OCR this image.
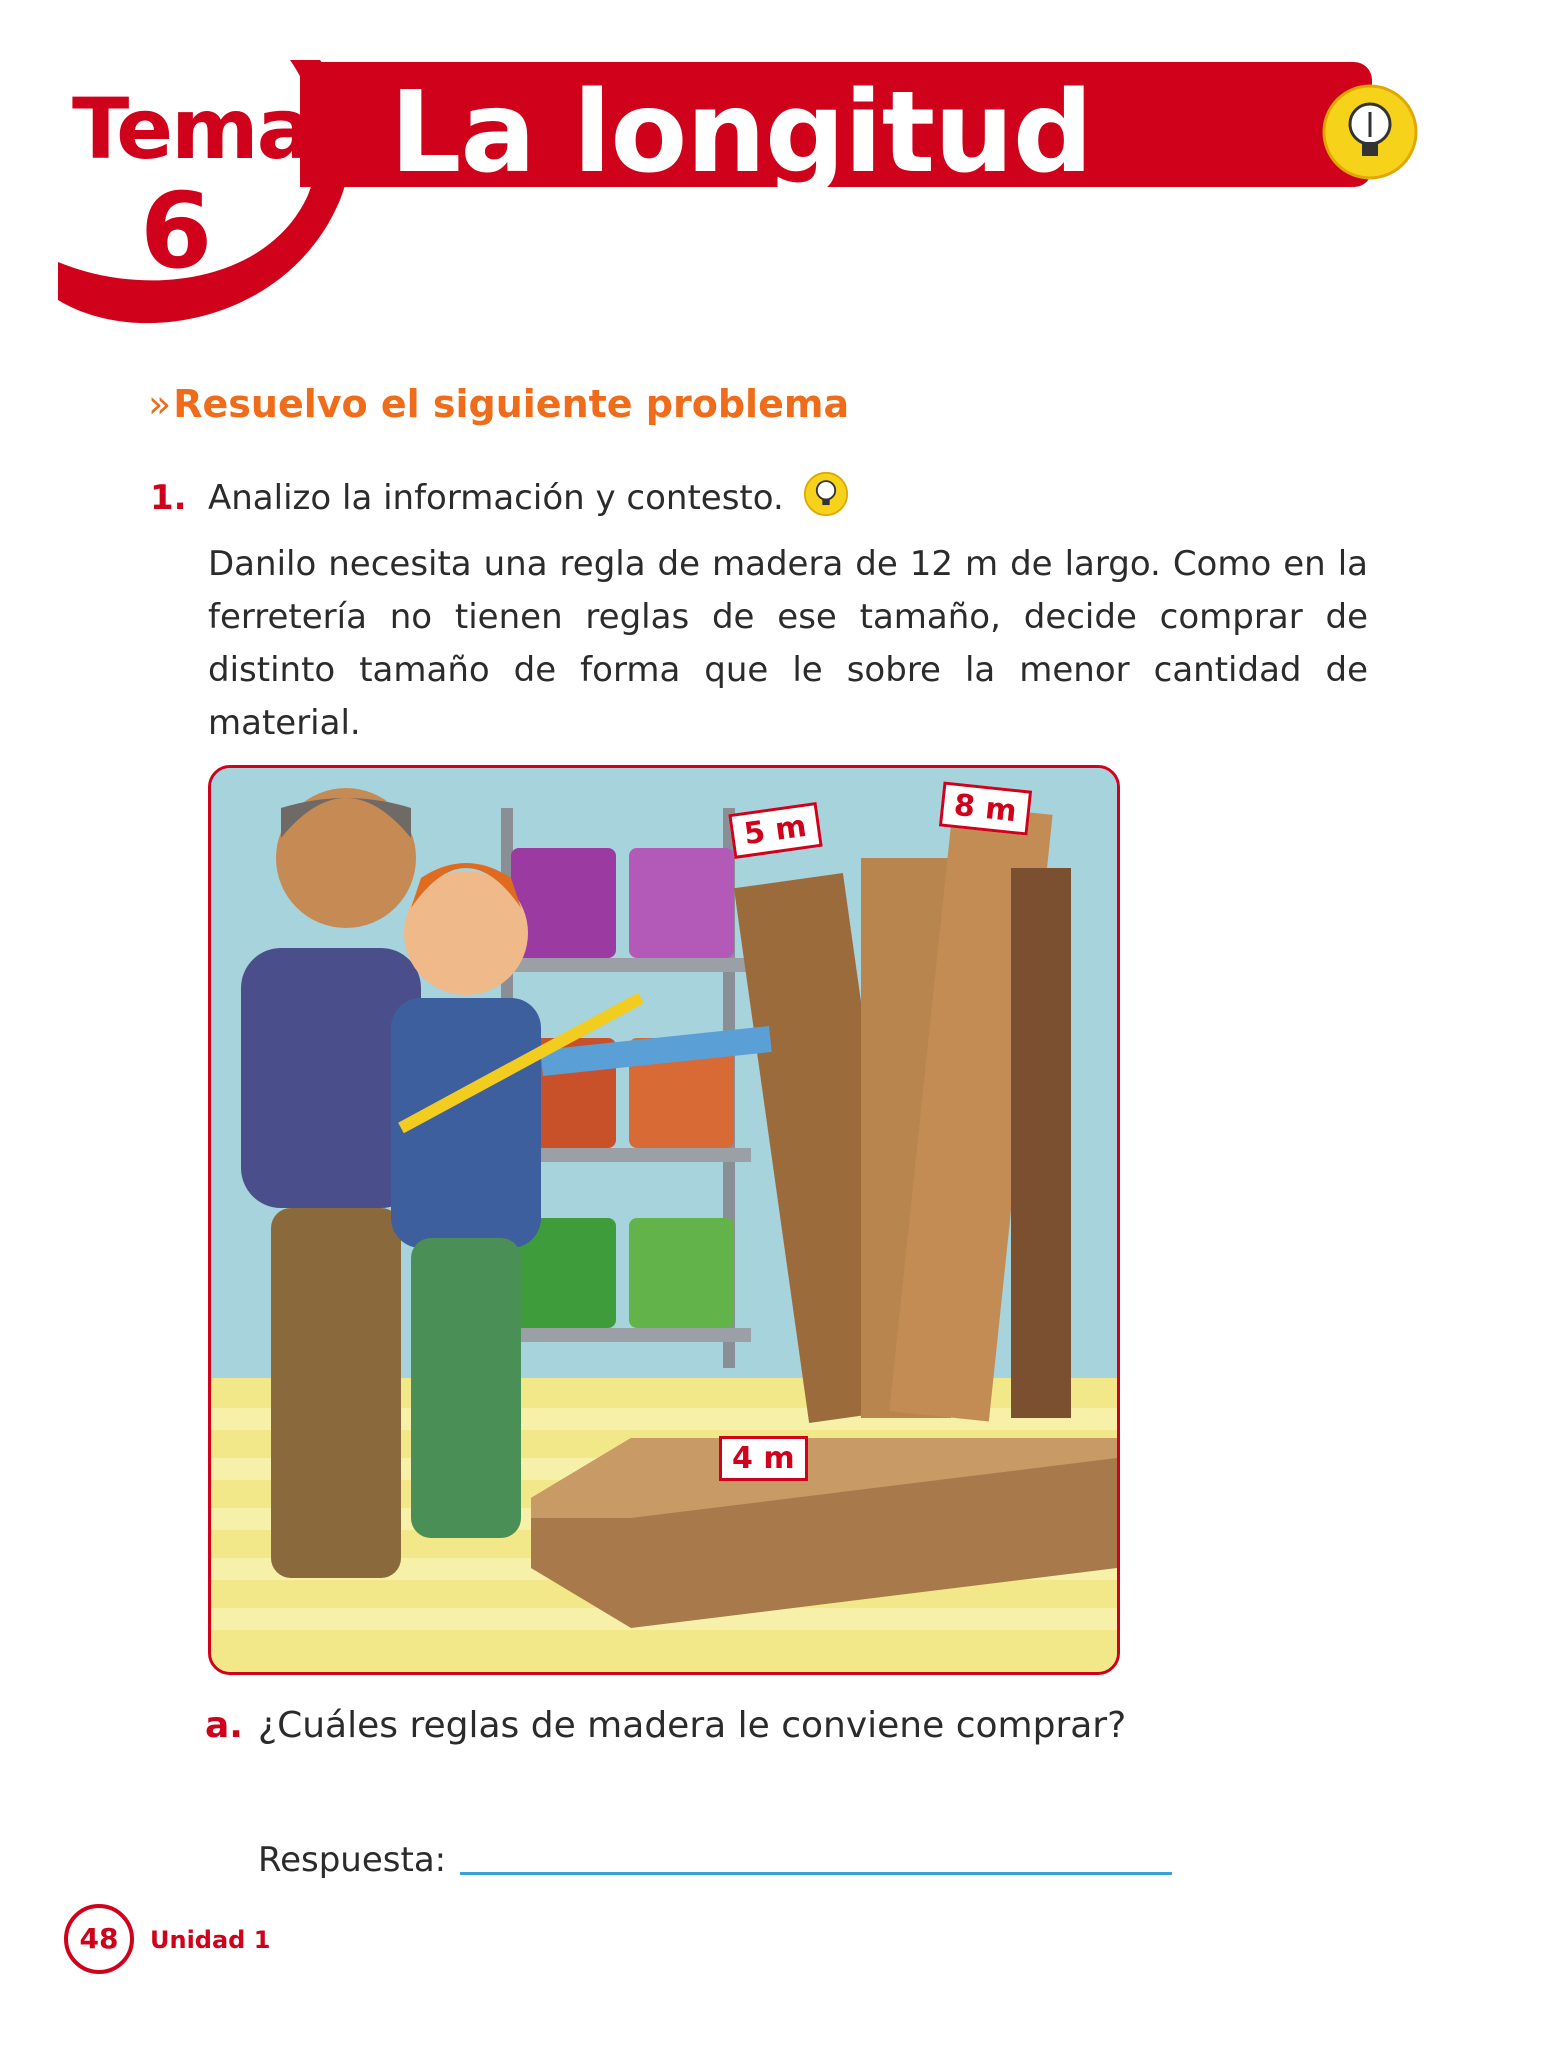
Tema
6
La longitud
»Resuelvo el siguiente problema
1. Analizo la información y contesto.
Danilo necesita una regla de madera de 12 m de largo. Como en la ferretería no tienen reglas de ese tamaño, decide comprar de distinto tamaño de forma que le sobre la menor cantidad de material.
5 m
8 m
4 m
a. ¿Cuáles reglas de madera le conviene comprar?
Respuesta:
48	Unidad 1
